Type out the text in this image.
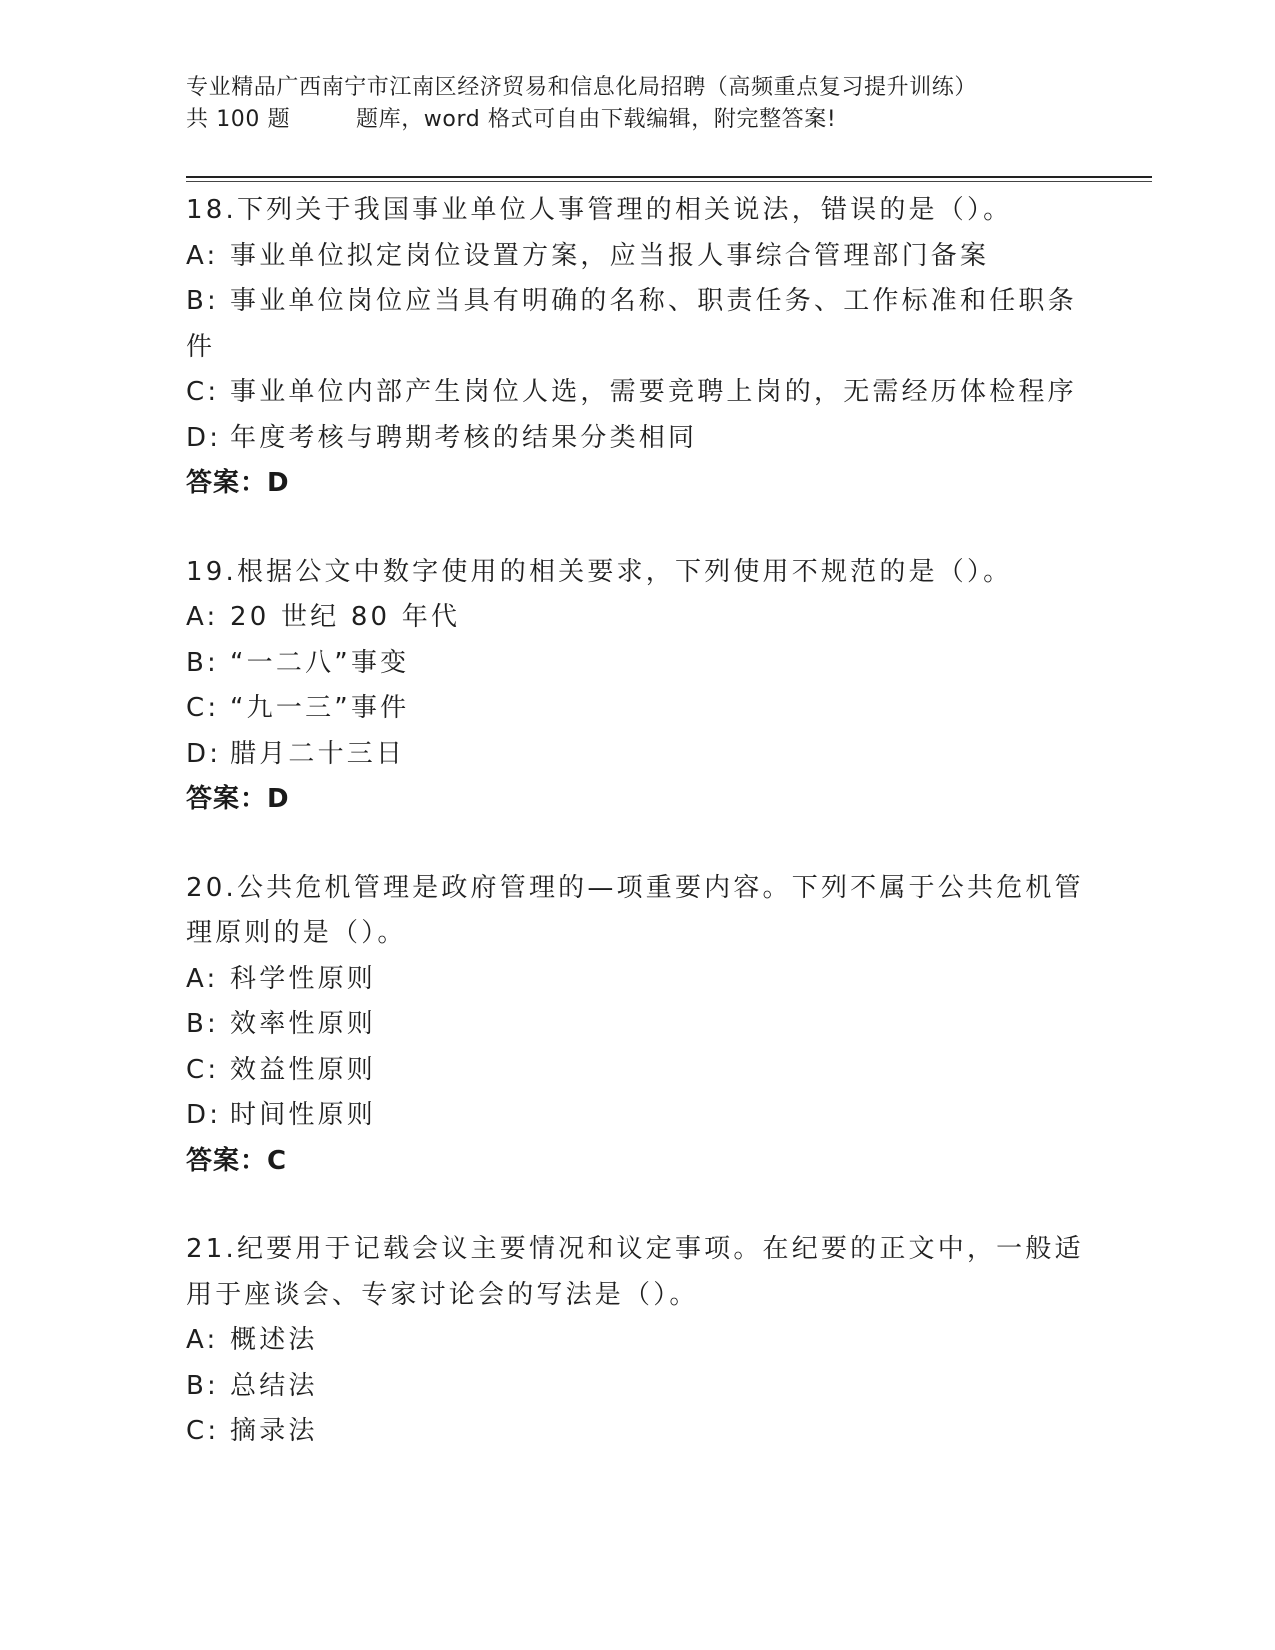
专业精品广西南宁市江南区经济贸易和信息化局招聘（高频重点复习提升训练）
共 100 题	题库，word 格式可自由下载编辑，附完整答案!
18.下列关于我国事业单位人事管理的相关说法，错误的是（）。
A: 事业单位拟定岗位设置方案，应当报人事综合管理部门备案
B: 事业单位岗位应当具有明确的名称、职责任务、工作标准和任职条
件
C: 事业单位内部产生岗位人选，需要竞聘上岗的，无需经历体检程序
D: 年度考核与聘期考核的结果分类相同
答案：D
19.根据公文中数字使用的相关要求，下列使用不规范的是（）。
A: 20 世纪 80 年代
B: “一二八”事变
C: “九一三”事件
D: 腊月二十三日
答案：D
20.公共危机管理是政府管理的—项重要内容。下列不属于公共危机管
理原则的是（）。
A: 科学性原则
B: 效率性原则
C: 效益性原则
D: 时间性原则
答案：C
21.纪要用于记载会议主要情况和议定事项。在纪要的正文中，一般适
用于座谈会、专家讨论会的写法是（）。
A: 概述法
B: 总结法
C: 摘录法
